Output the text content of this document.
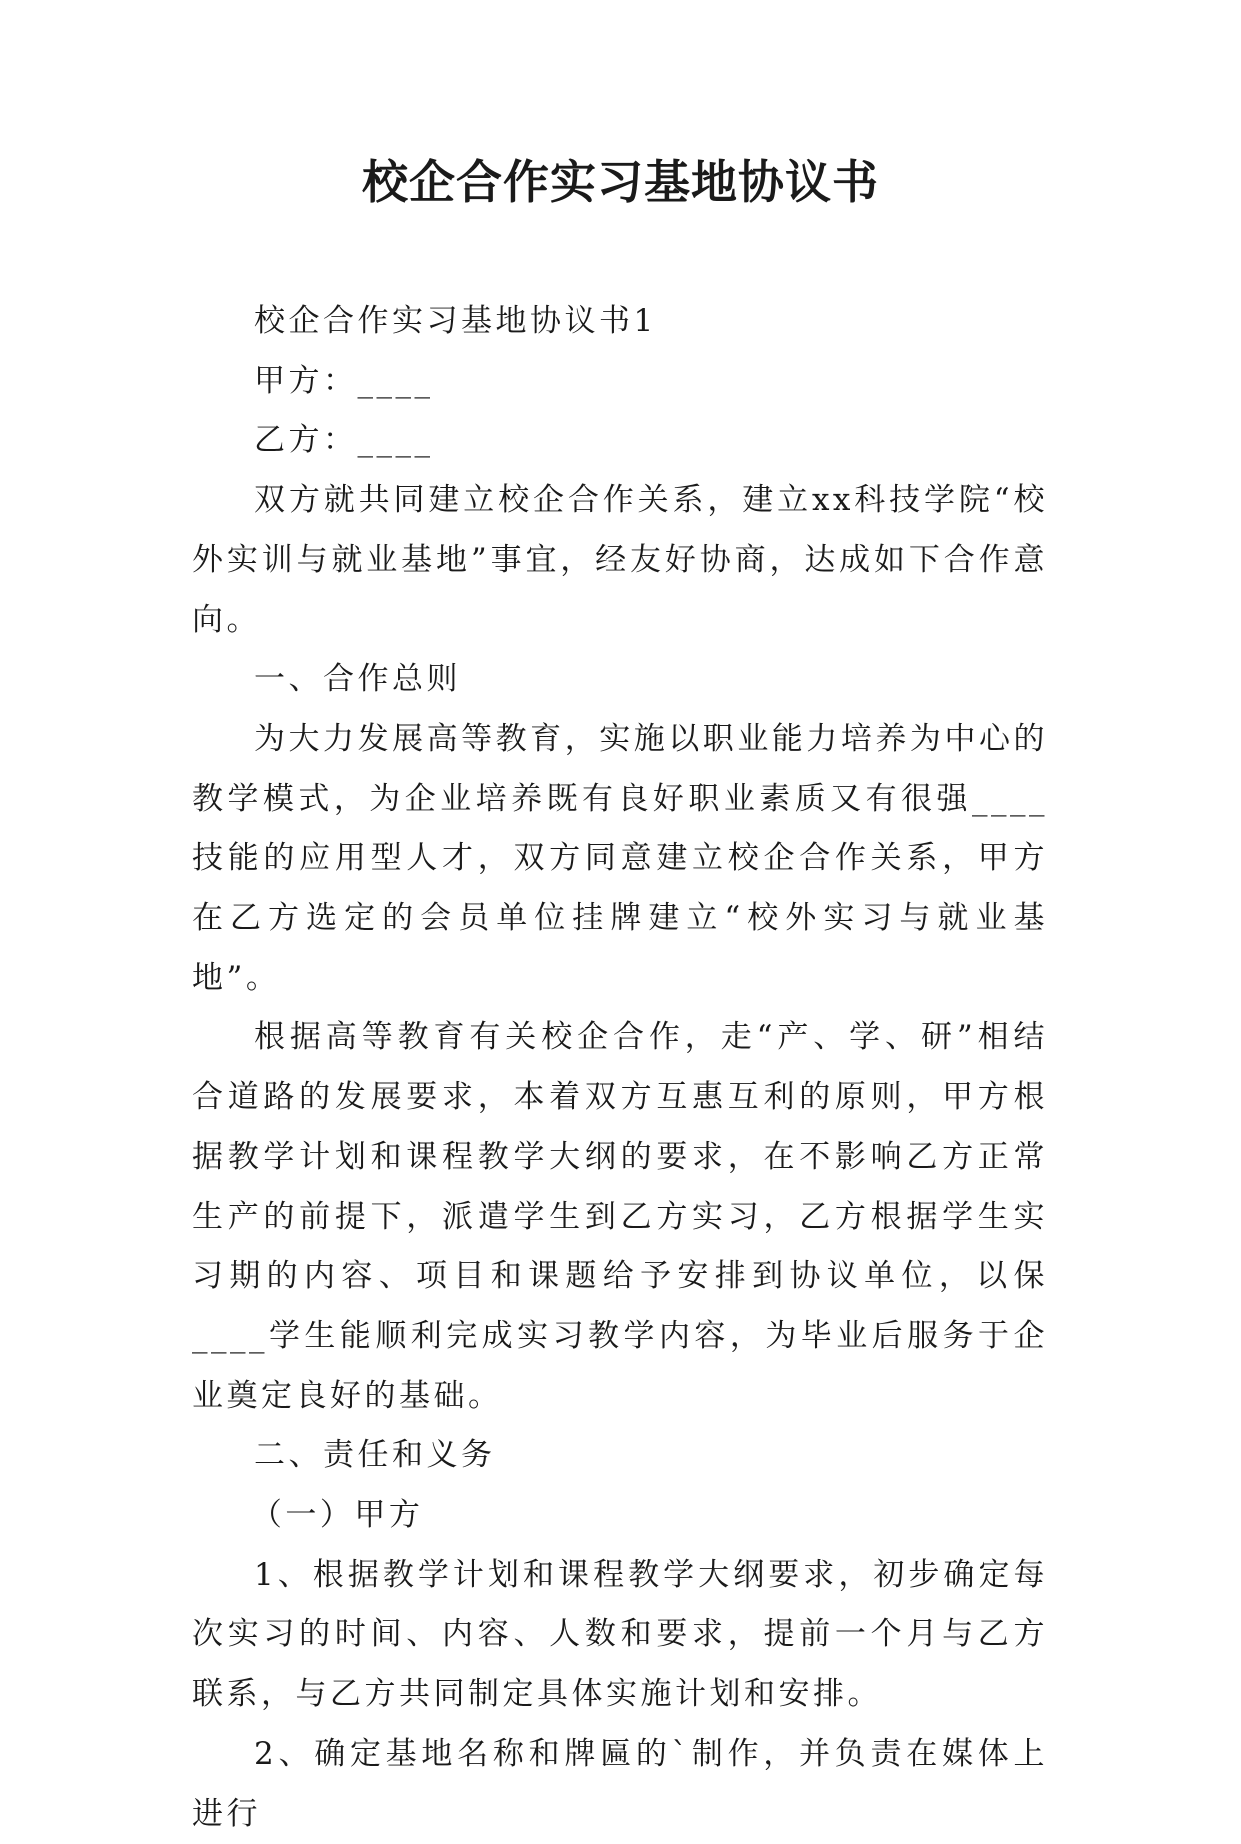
校企合作实习基地协议书

校企合作实习基地协议书1

甲方：____

乙方：____

双方就共同建立校企合作关系，建立xx科技学院“校外实训与就业基地”事宜，经友好协商，达成如下合作意向。

一、合作总则

为大力发展高等教育，实施以职业能力培养为中心的教学模式，为企业培养既有良好职业素质又有很强____技能的应用型人才，双方同意建立校企合作关系，甲方在乙方选定的会员单位挂牌建立“校外实习与就业基地”。

根据高等教育有关校企合作，走“产、学、研”相结合道路的发展要求，本着双方互惠互利的原则，甲方根据教学计划和课程教学大纲的要求，在不影响乙方正常生产的前提下，派遣学生到乙方实习，乙方根据学生实习期的内容、项目和课题给予安排到协议单位，以保____学生能顺利完成实习教学内容，为毕业后服务于企业奠定良好的基础。

二、责任和义务

（一）甲方

1、根据教学计划和课程教学大纲要求，初步确定每次实习的时间、内容、人数和要求，提前一个月与乙方联系，与乙方共同制定具体实施计划和安排。

2、确定基地名称和牌匾的`制作，并负责在媒体上进行
